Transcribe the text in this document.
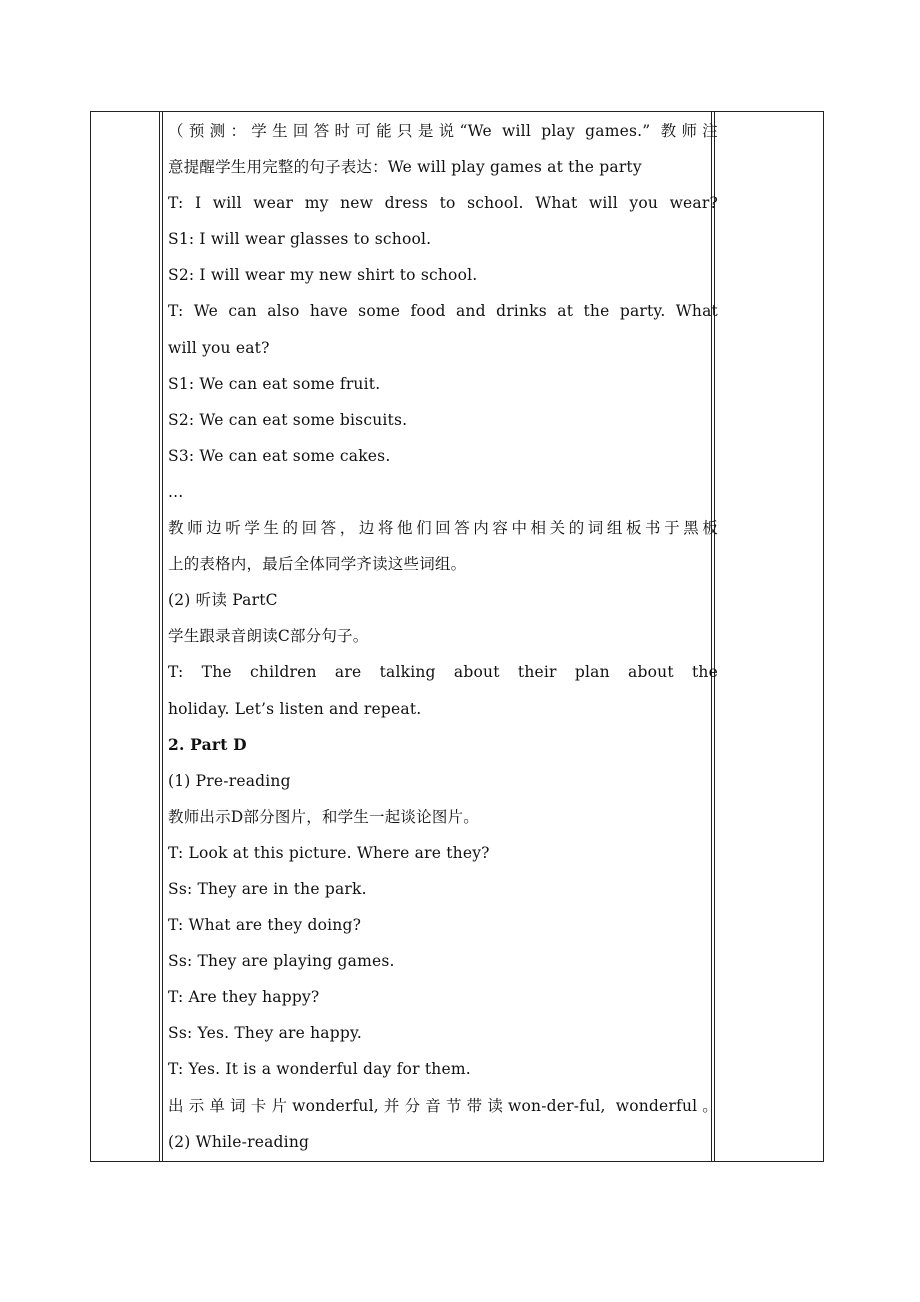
（预测：学生回答时可能只是说“We will play games.” 教师注
意提醒学生用完整的句子表达：We will play games at the party
T: I will wear my new dress to school. What will you wear?
S1: I will wear glasses to school.
S2: I will wear my new shirt to school.
T: We can also have some food and drinks at the party. What
will you eat?
S1: We can eat some fruit.
S2: We can eat some biscuits.
S3: We can eat some cakes.
...
教师边听学生的回答，边将他们回答内容中相关的词组板书于黑板
上的表格内，最后全体同学齐读这些词组。
(2) 听读 PartC
学生跟录音朗读C部分句子。
T: The children are talking about their plan about the
holiday. Let’s listen and repeat.
2. Part D
(1) Pre-reading
教师出示D部分图片，和学生一起谈论图片。
T: Look at this picture. Where are they?
Ss: They are in the park.
T: What are they doing?
Ss: They are playing games.
T: Are they happy?
Ss: Yes. They are happy.
T: Yes. It is a wonderful day for them.
出示单词卡片wonderful,并分音节带读won-der-ful, wonderful。
(2) While-reading
